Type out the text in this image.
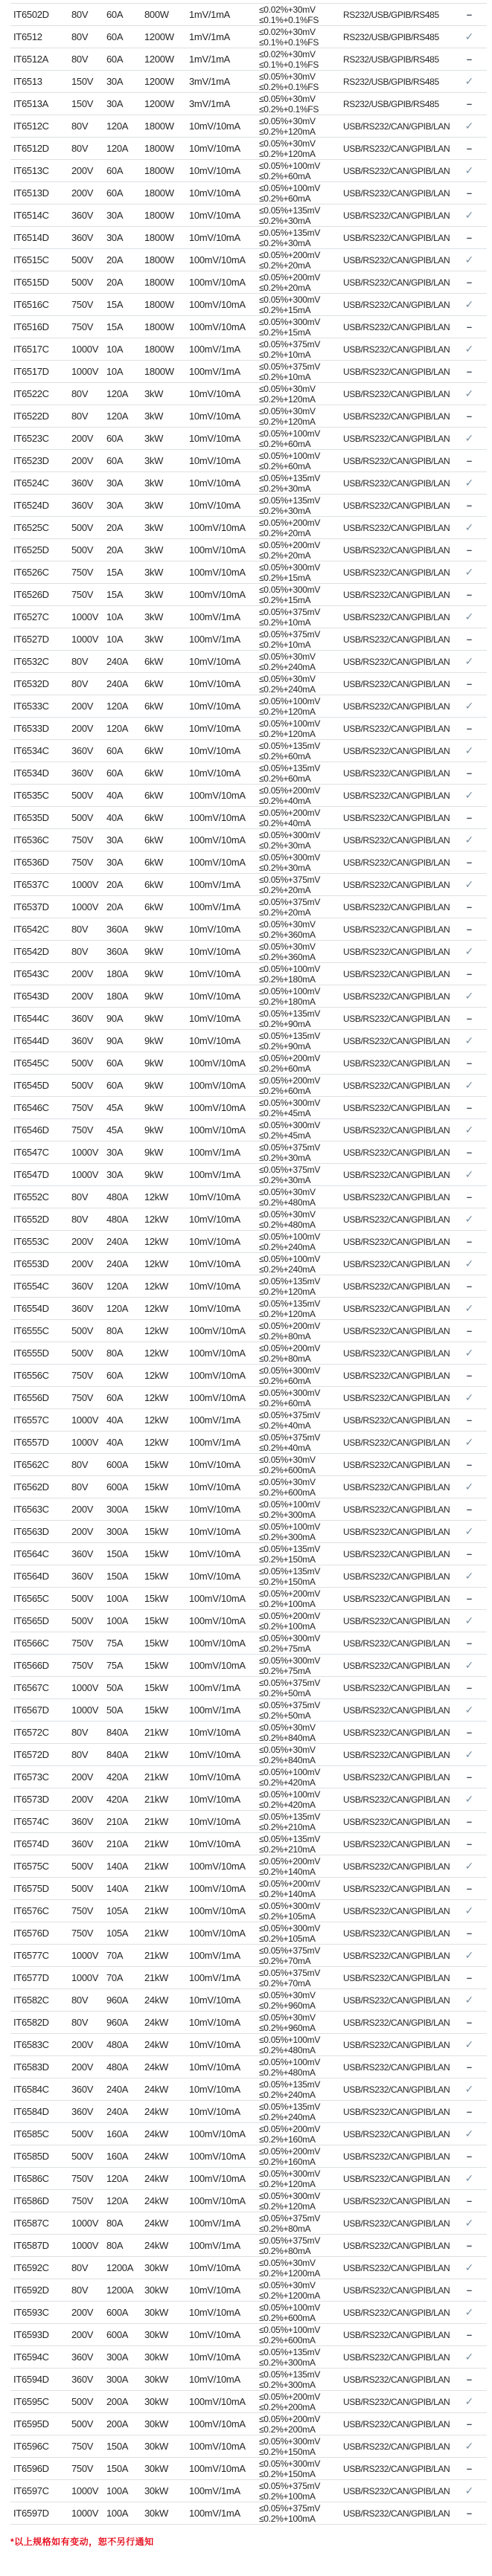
IT6502D	80V	60A	800W	1mV/1mA	≤0.02%+30mV
≤0.1%+0.1%FS	RS232/USB/GPIB/RS485	–
IT6512	80V	60A	1200W	1mV/1mA	≤0.02%+30mV
≤0.1%+0.1%FS	RS232/USB/GPIB/RS485	✓
IT6512A	80V	60A	1200W	1mV/1mA	≤0.02%+30mV
≤0.1%+0.1%FS	RS232/USB/GPIB/RS485	–
IT6513	150V	30A	1200W	3mV/1mA	≤0.05%+30mV
≤0.2%+0.1%FS	RS232/USB/GPIB/RS485	✓
IT6513A	150V	30A	1200W	3mV/1mA	≤0.05%+30mV
≤0.2%+0.1%FS	RS232/USB/GPIB/RS485	–
IT6512C	80V	120A	1800W	10mV/10mA	≤0.05%+30mV
≤0.2%+120mA	USB/RS232/CAN/GPIB/LAN	✓
IT6512D	80V	120A	1800W	10mV/10mA	≤0.05%+30mV
≤0.2%+120mA	USB/RS232/CAN/GPIB/LAN	–
IT6513C	200V	60A	1800W	10mV/10mA	≤0.05%+100mV
≤0.2%+60mA	USB/RS232/CAN/GPIB/LAN	✓
IT6513D	200V	60A	1800W	10mV/10mA	≤0.05%+100mV
≤0.2%+60mA	USB/RS232/CAN/GPIB/LAN	–
IT6514C	360V	30A	1800W	10mV/10mA	≤0.05%+135mV
≤0.2%+30mA	USB/RS232/CAN/GPIB/LAN	✓
IT6514D	360V	30A	1800W	10mV/10mA	≤0.05%+135mV
≤0.2%+30mA	USB/RS232/CAN/GPIB/LAN	–
IT6515C	500V	20A	1800W	100mV/10mA	≤0.05%+200mV
≤0.2%+20mA	USB/RS232/CAN/GPIB/LAN	✓
IT6515D	500V	20A	1800W	100mV/10mA	≤0.05%+200mV
≤0.2%+20mA	USB/RS232/CAN/GPIB/LAN	–
IT6516C	750V	15A	1800W	100mV/10mA	≤0.05%+300mV
≤0.2%+15mA	USB/RS232/CAN/GPIB/LAN	✓
IT6516D	750V	15A	1800W	100mV/10mA	≤0.05%+300mV
≤0.2%+15mA	USB/RS232/CAN/GPIB/LAN	–
IT6517C	1000V	10A	1800W	100mV/1mA	≤0.05%+375mV
≤0.2%+10mA	USB/RS232/CAN/GPIB/LAN	✓
IT6517D	1000V	10A	1800W	100mV/1mA	≤0.05%+375mV
≤0.2%+10mA	USB/RS232/CAN/GPIB/LAN	–
IT6522C	80V	120A	3kW	10mV/10mA	≤0.05%+30mV
≤0.2%+120mA	USB/RS232/CAN/GPIB/LAN	✓
IT6522D	80V	120A	3kW	10mV/10mA	≤0.05%+30mV
≤0.2%+120mA	USB/RS232/CAN/GPIB/LAN	–
IT6523C	200V	60A	3kW	10mV/10mA	≤0.05%+100mV
≤0.2%+60mA	USB/RS232/CAN/GPIB/LAN	✓
IT6523D	200V	60A	3kW	10mV/10mA	≤0.05%+100mV
≤0.2%+60mA	USB/RS232/CAN/GPIB/LAN	–
IT6524C	360V	30A	3kW	10mV/10mA	≤0.05%+135mV
≤0.2%+30mA	USB/RS232/CAN/GPIB/LAN	✓
IT6524D	360V	30A	3kW	10mV/10mA	≤0.05%+135mV
≤0.2%+30mA	USB/RS232/CAN/GPIB/LAN	–
IT6525C	500V	20A	3kW	100mV/10mA	≤0.05%+200mV
≤0.2%+20mA	USB/RS232/CAN/GPIB/LAN	✓
IT6525D	500V	20A	3kW	100mV/10mA	≤0.05%+200mV
≤0.2%+20mA	USB/RS232/CAN/GPIB/LAN	–
IT6526C	750V	15A	3kW	100mV/10mA	≤0.05%+300mV
≤0.2%+15mA	USB/RS232/CAN/GPIB/LAN	✓
IT6526D	750V	15A	3kW	100mV/10mA	≤0.05%+300mV
≤0.2%+15mA	USB/RS232/CAN/GPIB/LAN	–
IT6527C	1000V	10A	3kW	100mV/1mA	≤0.05%+375mV
≤0.2%+10mA	USB/RS232/CAN/GPIB/LAN	✓
IT6527D	1000V	10A	3kW	100mV/1mA	≤0.05%+375mV
≤0.2%+10mA	USB/RS232/CAN/GPIB/LAN	–
IT6532C	80V	240A	6kW	10mV/10mA	≤0.05%+30mV
≤0.2%+240mA	USB/RS232/CAN/GPIB/LAN	✓
IT6532D	80V	240A	6kW	10mV/10mA	≤0.05%+30mV
≤0.2%+240mA	USB/RS232/CAN/GPIB/LAN	–
IT6533C	200V	120A	6kW	10mV/10mA	≤0.05%+100mV
≤0.2%+120mA	USB/RS232/CAN/GPIB/LAN	✓
IT6533D	200V	120A	6kW	10mV/10mA	≤0.05%+100mV
≤0.2%+120mA	USB/RS232/CAN/GPIB/LAN	–
IT6534C	360V	60A	6kW	10mV/10mA	≤0.05%+135mV
≤0.2%+60mA	USB/RS232/CAN/GPIB/LAN	✓
IT6534D	360V	60A	6kW	10mV/10mA	≤0.05%+135mV
≤0.2%+60mA	USB/RS232/CAN/GPIB/LAN	–
IT6535C	500V	40A	6kW	100mV/10mA	≤0.05%+200mV
≤0.2%+40mA	USB/RS232/CAN/GPIB/LAN	✓
IT6535D	500V	40A	6kW	100mV/10mA	≤0.05%+200mV
≤0.2%+40mA	USB/RS232/CAN/GPIB/LAN	–
IT6536C	750V	30A	6kW	100mV/10mA	≤0.05%+300mV
≤0.2%+30mA	USB/RS232/CAN/GPIB/LAN	✓
IT6536D	750V	30A	6kW	100mV/10mA	≤0.05%+300mV
≤0.2%+30mA	USB/RS232/CAN/GPIB/LAN	–
IT6537C	1000V	20A	6kW	100mV/1mA	≤0.05%+375mV
≤0.2%+20mA	USB/RS232/CAN/GPIB/LAN	✓
IT6537D	1000V	20A	6kW	100mV/1mA	≤0.05%+375mV
≤0.2%+20mA	USB/RS232/CAN/GPIB/LAN	–
IT6542C	80V	360A	9kW	10mV/10mA	≤0.05%+30mV
≤0.2%+360mA	USB/RS232/CAN/GPIB/LAN	–
IT6542D	80V	360A	9kW	10mV/10mA	≤0.05%+30mV
≤0.2%+360mA	USB/RS232/CAN/GPIB/LAN	✓
IT6543C	200V	180A	9kW	10mV/10mA	≤0.05%+100mV
≤0.2%+180mA	USB/RS232/CAN/GPIB/LAN	–
IT6543D	200V	180A	9kW	10mV/10mA	≤0.05%+100mV
≤0.2%+180mA	USB/RS232/CAN/GPIB/LAN	✓
IT6544C	360V	90A	9kW	10mV/10mA	≤0.05%+135mV
≤0.2%+90mA	USB/RS232/CAN/GPIB/LAN	–
IT6544D	360V	90A	9kW	10mV/10mA	≤0.05%+135mV
≤0.2%+90mA	USB/RS232/CAN/GPIB/LAN	✓
IT6545C	500V	60A	9kW	100mV/10mA	≤0.05%+200mV
≤0.2%+60mA	USB/RS232/CAN/GPIB/LAN	–
IT6545D	500V	60A	9kW	100mV/10mA	≤0.05%+200mV
≤0.2%+60mA	USB/RS232/CAN/GPIB/LAN	✓
IT6546C	750V	45A	9kW	100mV/10mA	≤0.05%+300mV
≤0.2%+45mA	USB/RS232/CAN/GPIB/LAN	–
IT6546D	750V	45A	9kW	100mV/10mA	≤0.05%+300mV
≤0.2%+45mA	USB/RS232/CAN/GPIB/LAN	✓
IT6547C	1000V	30A	9kW	100mV/1mA	≤0.05%+375mV
≤0.2%+30mA	USB/RS232/CAN/GPIB/LAN	–
IT6547D	1000V	30A	9kW	100mV/1mA	≤0.05%+375mV
≤0.2%+30mA	USB/RS232/CAN/GPIB/LAN	✓
IT6552C	80V	480A	12kW	10mV/10mA	≤0.05%+30mV
≤0.2%+480mA	USB/RS232/CAN/GPIB/LAN	–
IT6552D	80V	480A	12kW	10mV/10mA	≤0.05%+30mV
≤0.2%+480mA	USB/RS232/CAN/GPIB/LAN	✓
IT6553C	200V	240A	12kW	10mV/10mA	≤0.05%+100mV
≤0.2%+240mA	USB/RS232/CAN/GPIB/LAN	–
IT6553D	200V	240A	12kW	10mV/10mA	≤0.05%+100mV
≤0.2%+240mA	USB/RS232/CAN/GPIB/LAN	✓
IT6554C	360V	120A	12kW	10mV/10mA	≤0.05%+135mV
≤0.2%+120mA	USB/RS232/CAN/GPIB/LAN	–
IT6554D	360V	120A	12kW	10mV/10mA	≤0.05%+135mV
≤0.2%+120mA	USB/RS232/CAN/GPIB/LAN	✓
IT6555C	500V	80A	12kW	100mV/10mA	≤0.05%+200mV
≤0.2%+80mA	USB/RS232/CAN/GPIB/LAN	–
IT6555D	500V	80A	12kW	100mV/10mA	≤0.05%+200mV
≤0.2%+80mA	USB/RS232/CAN/GPIB/LAN	✓
IT6556C	750V	60A	12kW	100mV/10mA	≤0.05%+300mV
≤0.2%+60mA	USB/RS232/CAN/GPIB/LAN	–
IT6556D	750V	60A	12kW	100mV/10mA	≤0.05%+300mV
≤0.2%+60mA	USB/RS232/CAN/GPIB/LAN	✓
IT6557C	1000V	40A	12kW	100mV/1mA	≤0.05%+375mV
≤0.2%+40mA	USB/RS232/CAN/GPIB/LAN	–
IT6557D	1000V	40A	12kW	100mV/1mA	≤0.05%+375mV
≤0.2%+40mA	USB/RS232/CAN/GPIB/LAN	✓
IT6562C	80V	600A	15kW	10mV/10mA	≤0.05%+30mV
≤0.2%+600mA	USB/RS232/CAN/GPIB/LAN	–
IT6562D	80V	600A	15kW	10mV/10mA	≤0.05%+30mV
≤0.2%+600mA	USB/RS232/CAN/GPIB/LAN	✓
IT6563C	200V	300A	15kW	10mV/10mA	≤0.05%+100mV
≤0.2%+300mA	USB/RS232/CAN/GPIB/LAN	–
IT6563D	200V	300A	15kW	10mV/10mA	≤0.05%+100mV
≤0.2%+300mA	USB/RS232/CAN/GPIB/LAN	✓
IT6564C	360V	150A	15kW	10mV/10mA	≤0.05%+135mV
≤0.2%+150mA	USB/RS232/CAN/GPIB/LAN	–
IT6564D	360V	150A	15kW	10mV/10mA	≤0.05%+135mV
≤0.2%+150mA	USB/RS232/CAN/GPIB/LAN	✓
IT6565C	500V	100A	15kW	100mV/10mA	≤0.05%+200mV
≤0.2%+100mA	USB/RS232/CAN/GPIB/LAN	–
IT6565D	500V	100A	15kW	100mV/10mA	≤0.05%+200mV
≤0.2%+100mA	USB/RS232/CAN/GPIB/LAN	✓
IT6566C	750V	75A	15kW	100mV/10mA	≤0.05%+300mV
≤0.2%+75mA	USB/RS232/CAN/GPIB/LAN	–
IT6566D	750V	75A	15kW	100mV/10mA	≤0.05%+300mV
≤0.2%+75mA	USB/RS232/CAN/GPIB/LAN	✓
IT6567C	1000V	50A	15kW	100mV/1mA	≤0.05%+375mV
≤0.2%+50mA	USB/RS232/CAN/GPIB/LAN	–
IT6567D	1000V	50A	15kW	100mV/1mA	≤0.05%+375mV
≤0.2%+50mA	USB/RS232/CAN/GPIB/LAN	✓
IT6572C	80V	840A	21kW	10mV/10mA	≤0.05%+30mV
≤0.2%+840mA	USB/RS232/CAN/GPIB/LAN	–
IT6572D	80V	840A	21kW	10mV/10mA	≤0.05%+30mV
≤0.2%+840mA	USB/RS232/CAN/GPIB/LAN	✓
IT6573C	200V	420A	21kW	10mV/10mA	≤0.05%+100mV
≤0.2%+420mA	USB/RS232/CAN/GPIB/LAN	–
IT6573D	200V	420A	21kW	10mV/10mA	≤0.05%+100mV
≤0.2%+420mA	USB/RS232/CAN/GPIB/LAN	✓
IT6574C	360V	210A	21kW	10mV/10mA	≤0.05%+135mV
≤0.2%+210mA	USB/RS232/CAN/GPIB/LAN	–
IT6574D	360V	210A	21kW	10mV/10mA	≤0.05%+135mV
≤0.2%+210mA	USB/RS232/CAN/GPIB/LAN	–
IT6575C	500V	140A	21kW	100mV/10mA	≤0.05%+200mV
≤0.2%+140mA	USB/RS232/CAN/GPIB/LAN	✓
IT6575D	500V	140A	21kW	100mV/10mA	≤0.05%+200mV
≤0.2%+140mA	USB/RS232/CAN/GPIB/LAN	–
IT6576C	750V	105A	21kW	100mV/10mA	≤0.05%+300mV
≤0.2%+105mA	USB/RS232/CAN/GPIB/LAN	✓
IT6576D	750V	105A	21kW	100mV/10mA	≤0.05%+300mV
≤0.2%+105mA	USB/RS232/CAN/GPIB/LAN	–
IT6577C	1000V	70A	21kW	100mV/1mA	≤0.05%+375mV
≤0.2%+70mA	USB/RS232/CAN/GPIB/LAN	✓
IT6577D	1000V	70A	21kW	100mV/1mA	≤0.05%+375mV
≤0.2%+70mA	USB/RS232/CAN/GPIB/LAN	–
IT6582C	80V	960A	24kW	10mV/10mA	≤0.05%+30mV
≤0.2%+960mA	USB/RS232/CAN/GPIB/LAN	✓
IT6582D	80V	960A	24kW	10mV/10mA	≤0.05%+30mV
≤0.2%+960mA	USB/RS232/CAN/GPIB/LAN	–
IT6583C	200V	480A	24kW	10mV/10mA	≤0.05%+100mV
≤0.2%+480mA	USB/RS232/CAN/GPIB/LAN	✓
IT6583D	200V	480A	24kW	10mV/10mA	≤0.05%+100mV
≤0.2%+480mA	USB/RS232/CAN/GPIB/LAN	–
IT6584C	360V	240A	24kW	10mV/10mA	≤0.05%+135mV
≤0.2%+240mA	USB/RS232/CAN/GPIB/LAN	✓
IT6584D	360V	240A	24kW	10mV/10mA	≤0.05%+135mV
≤0.2%+240mA	USB/RS232/CAN/GPIB/LAN	–
IT6585C	500V	160A	24kW	100mV/10mA	≤0.05%+200mV
≤0.2%+160mA	USB/RS232/CAN/GPIB/LAN	✓
IT6585D	500V	160A	24kW	100mV/10mA	≤0.05%+200mV
≤0.2%+160mA	USB/RS232/CAN/GPIB/LAN	–
IT6586C	750V	120A	24kW	100mV/10mA	≤0.05%+300mV
≤0.2%+120mA	USB/RS232/CAN/GPIB/LAN	✓
IT6586D	750V	120A	24kW	100mV/10mA	≤0.05%+300mV
≤0.2%+120mA	USB/RS232/CAN/GPIB/LAN	–
IT6587C	1000V	80A	24kW	100mV/1mA	≤0.05%+375mV
≤0.2%+80mA	USB/RS232/CAN/GPIB/LAN	✓
IT6587D	1000V	80A	24kW	100mV/1mA	≤0.05%+375mV
≤0.2%+80mA	USB/RS232/CAN/GPIB/LAN	–
IT6592C	80V	1200A	30kW	10mV/10mA	≤0.05%+30mV
≤0.2%+1200mA	USB/RS232/CAN/GPIB/LAN	✓
IT6592D	80V	1200A	30kW	10mV/10mA	≤0.05%+30mV
≤0.2%+1200mA	USB/RS232/CAN/GPIB/LAN	–
IT6593C	200V	600A	30kW	10mV/10mA	≤0.05%+100mV
≤0.2%+600mA	USB/RS232/CAN/GPIB/LAN	✓
IT6593D	200V	600A	30kW	10mV/10mA	≤0.05%+100mV
≤0.2%+600mA	USB/RS232/CAN/GPIB/LAN	–
IT6594C	360V	300A	30kW	10mV/10mA	≤0.05%+135mV
≤0.2%+300mA	USB/RS232/CAN/GPIB/LAN	✓
IT6594D	360V	300A	30kW	10mV/10mA	≤0.05%+135mV
≤0.2%+300mA	USB/RS232/CAN/GPIB/LAN	–
IT6595C	500V	200A	30kW	100mV/10mA	≤0.05%+200mV
≤0.2%+200mA	USB/RS232/CAN/GPIB/LAN	✓
IT6595D	500V	200A	30kW	100mV/10mA	≤0.05%+200mV
≤0.2%+200mA	USB/RS232/CAN/GPIB/LAN	–
IT6596C	750V	150A	30kW	100mV/10mA	≤0.05%+300mV
≤0.2%+150mA	USB/RS232/CAN/GPIB/LAN	✓
IT6596D	750V	150A	30kW	100mV/10mA	≤0.05%+300mV
≤0.2%+150mA	USB/RS232/CAN/GPIB/LAN	–
IT6597C	1000V	100A	30kW	100mV/1mA	≤0.05%+375mV
≤0.2%+100mA	USB/RS232/CAN/GPIB/LAN	✓
IT6597D	1000V	100A	30kW	100mV/1mA	≤0.05%+375mV
≤0.2%+100mA	USB/RS232/CAN/GPIB/LAN	–

*以上规格如有变动，恕不另行通知
